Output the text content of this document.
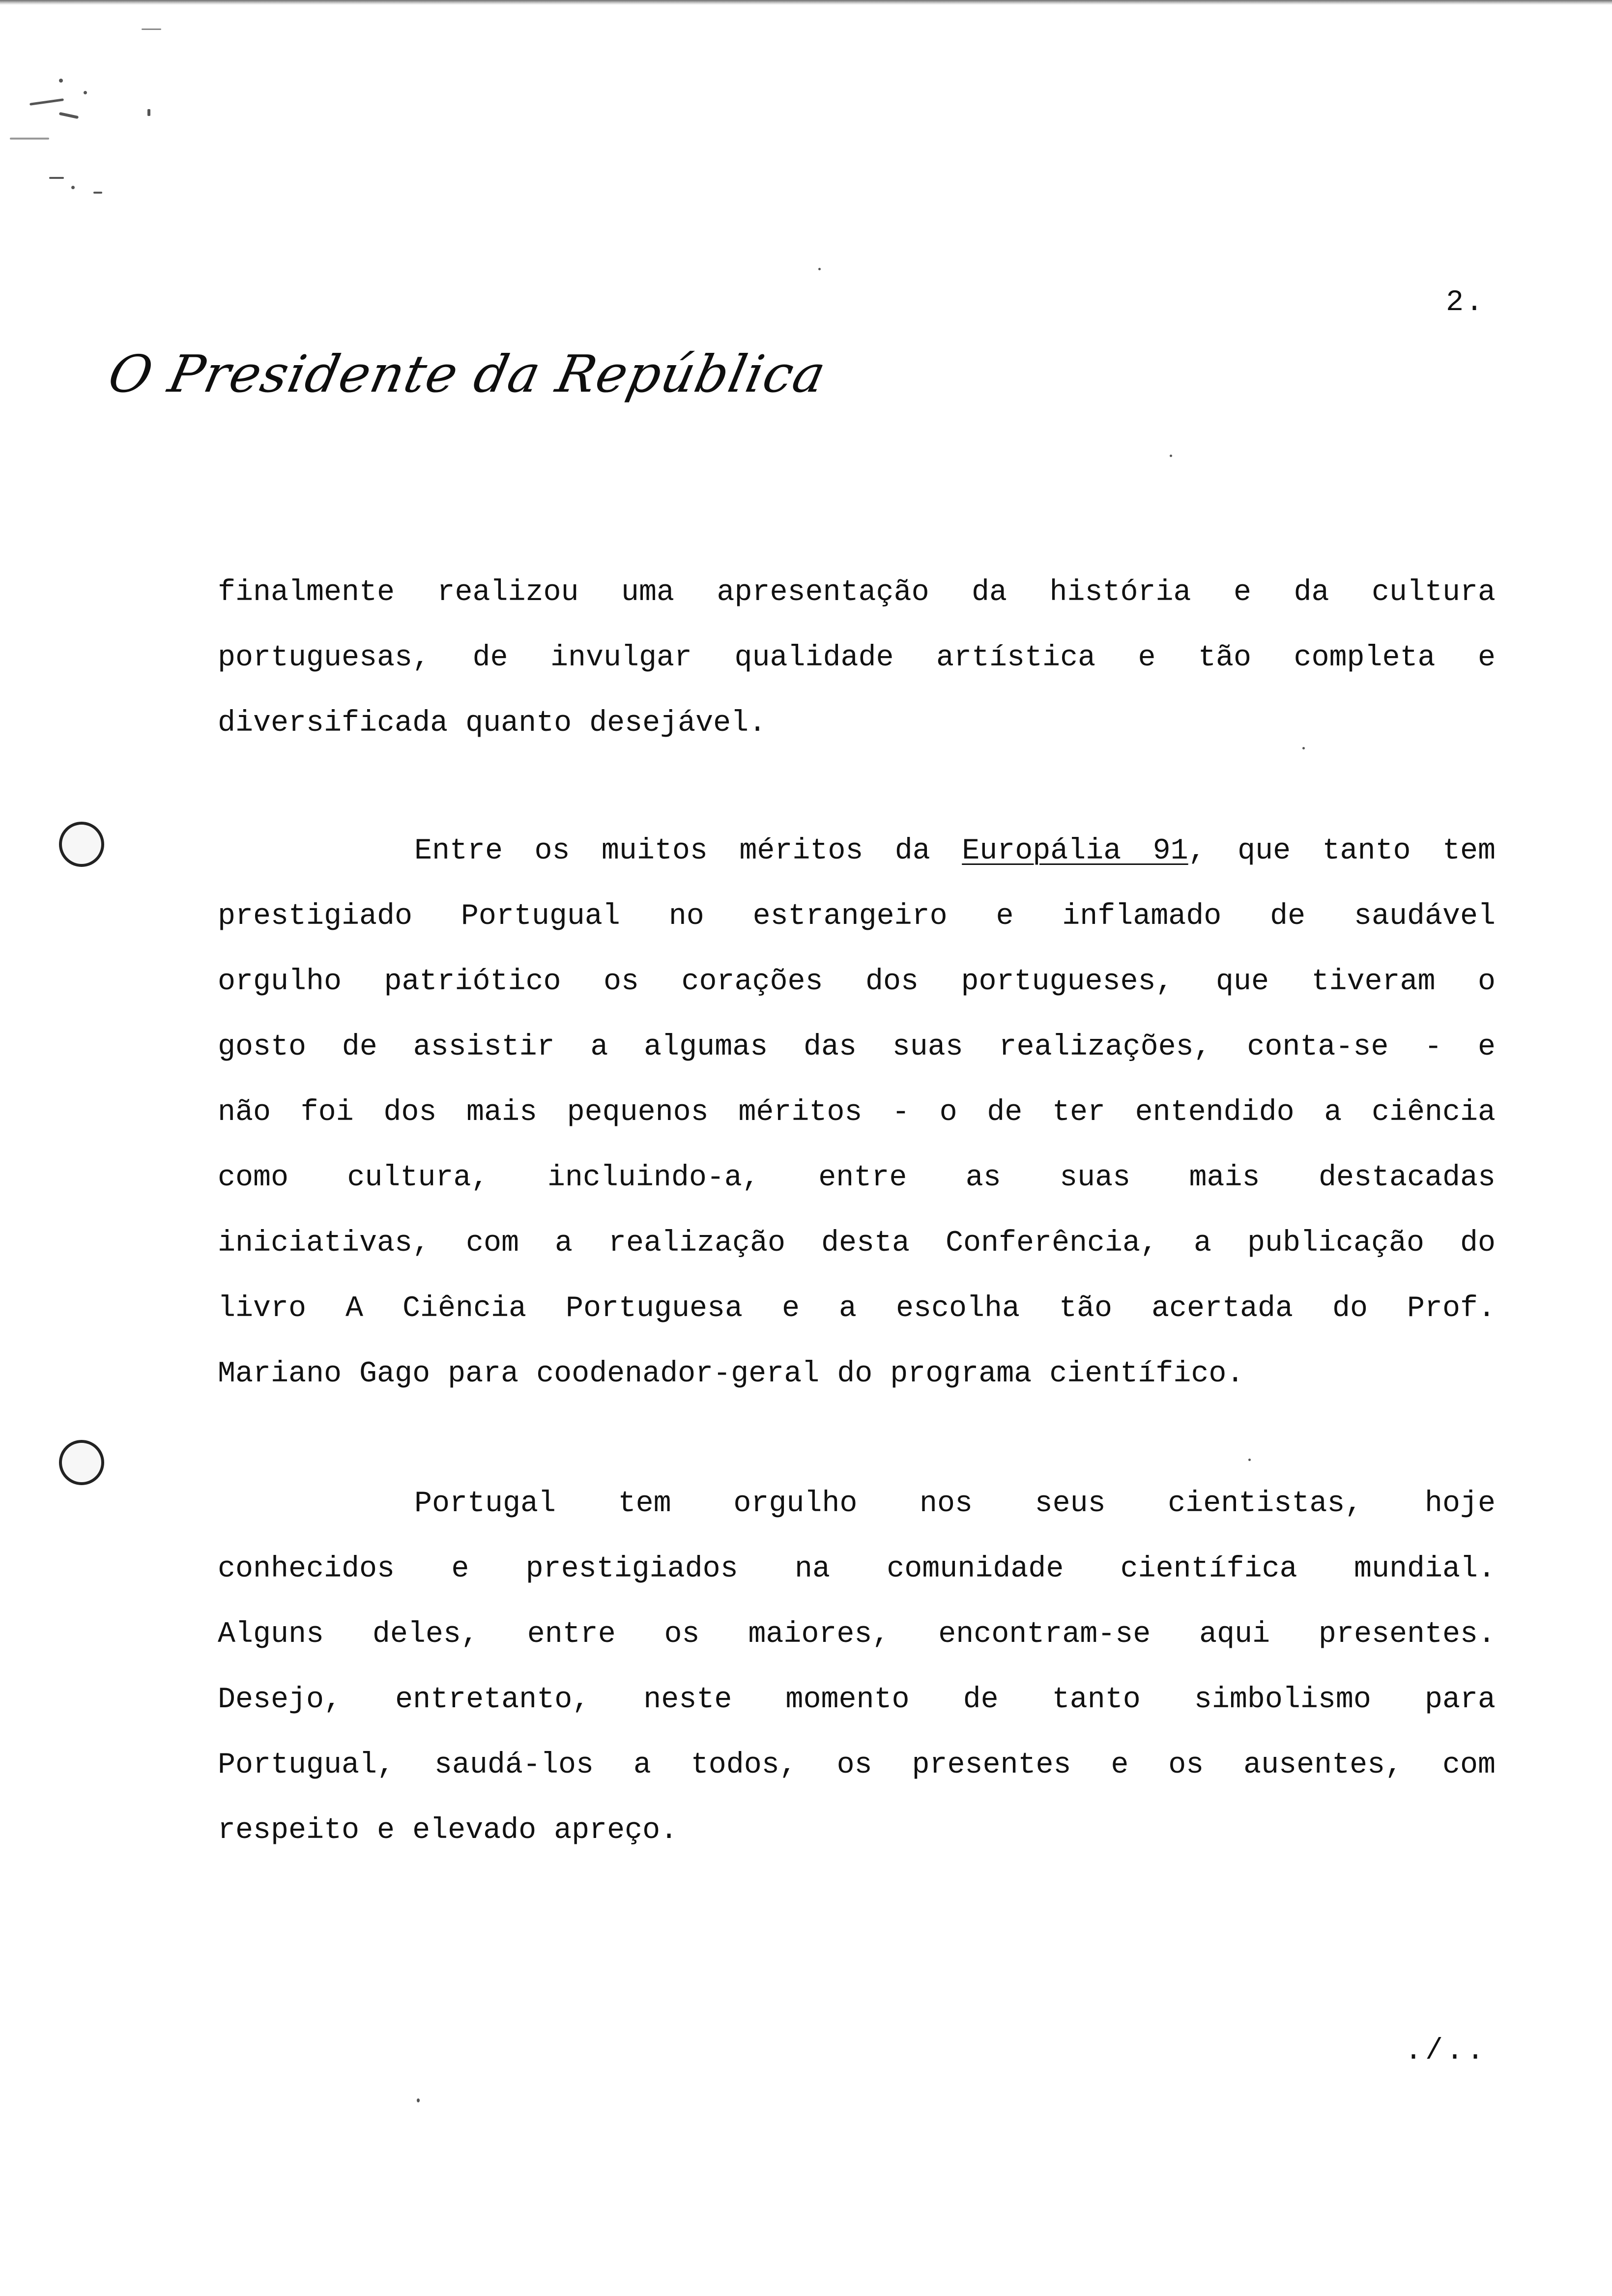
2.
O Presidente da República
finalmente realizou uma apresentação da história e da cultura
portuguesas, de invulgar qualidade artística e tão completa e
diversificada quanto desejável.
Entre os muitos méritos da Europália 91, que tanto tem
prestigiado Portugual no estrangeiro e inflamado de saudável
orgulho patriótico os corações dos portugueses, que tiveram o
gosto de assistir a algumas das suas realizações, conta-se - e
não foi dos mais pequenos méritos - o de ter entendido a ciência
como cultura, incluindo-a, entre as suas mais destacadas
iniciativas, com a realização desta Conferência, a publicação do
livro A Ciência Portuguesa e a escolha tão acertada do Prof.
Mariano Gago para coodenador-geral do programa científico.
Portugal tem orgulho nos seus cientistas, hoje
conhecidos e prestigiados na comunidade científica mundial.
Alguns deles, entre os maiores, encontram-se aqui presentes.
Desejo, entretanto, neste momento de tanto simbolismo para
Portugual, saudá-los a todos, os presentes e os ausentes, com
respeito e elevado apreço.
./..
